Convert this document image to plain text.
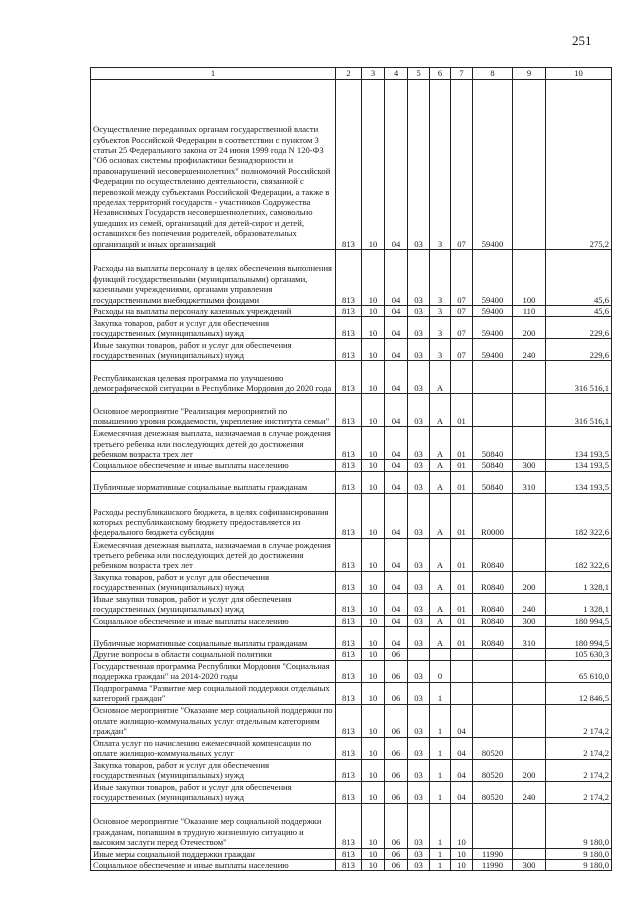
251
1	2	3	4	5	6	7	8	9	10
Осуществление переданных органам государственной власти субъектов Российской Федерации в соответствии с пунктом 3 статьи 25 Федерального закона от 24 июня 1999 года N 120-ФЗ "Об основах системы профилактики безнадзорности и правонарушений несовершеннолетних" полномочий Российской Федерации по осуществлению деятельности, связанной с перевозкой между субъектами Российской Федерации, а также в пределах территорий государств - участников Содружества Независимых Государств несовершеннолетних, самовольно ушедших из семей, организаций для детей-сирот и детей, оставшихся без попечения родителей, образовательных организаций и иных организаций	813	10	04	03	3	07	59400		275,2
Расходы на выплаты персоналу в целях обеспечения выполнения функций государственными (муниципальными) органами, казенными учреждениями, органами управления государственными внебюджетными фондами	813	10	04	03	3	07	59400	100	45,6
Расходы на выплаты персоналу казенных учреждений	813	10	04	03	3	07	59400	110	45,6
Закупка товаров, работ и услуг для обеспечения государственных (муниципальных) нужд	813	10	04	03	3	07	59400	200	229,6
Иные закупки товаров, работ и услуг для обеспечения государственных (муниципальных) нужд	813	10	04	03	3	07	59400	240	229,6
Республиканская целевая программа по улучшению демографической ситуации в Республике Мордовия до 2020 года	813	10	04	03	А				316 516,1
Основное мероприятие "Реализация мероприятий по повышению уровня рождаемости, укрепление института семьи"	813	10	04	03	А	01			316 516,1
Ежемесячная денежная выплата, назначаемая в случае рождения третьего ребенка или последующих детей до достижения ребенком возраста трех лет	813	10	04	03	А	01	50840		134 193,5
Социальное обеспечение и иные выплаты населению	813	10	04	03	А	01	50840	300	134 193,5
Публичные нормативные социальные выплаты гражданам	813	10	04	03	А	01	50840	310	134 193,5
Расходы республиканского бюджета, в целях софинансирования которых республиканскому бюджету предоставляется из федерального бюджета субсидии	813	10	04	03	А	01	R0000		182 322,6
Ежемесячная денежная выплата, назначаемая в случае рождения третьего ребенка или последующих детей до достижения ребенком возраста трех лет	813	10	04	03	А	01	R0840		182 322,6
Закупка товаров, работ и услуг для обеспечения государственных (муниципальных) нужд	813	10	04	03	А	01	R0840	200	1 328,1
Иные закупки товаров, работ и услуг для обеспечения государственных (муниципальных) нужд	813	10	04	03	А	01	R0840	240	1 328,1
Социальное обеспечение и иные выплаты населению	813	10	04	03	А	01	R0840	300	180 994,5
Публичные нормативные социальные выплаты гражданам	813	10	04	03	А	01	R0840	310	180 994,5
Другие вопросы в области социальной политики	813	10	06						105 630,3
Государственная программа Республики Мордовия "Социальная поддержка граждан" на 2014-2020 годы	813	10	06	03	0				65 610,0
Подпрограмма "Развитие мер социальной поддержки отдельных категорий граждан"	813	10	06	03	1				12 846,5
Основное мероприятие "Оказание мер социальной поддержки по оплате жилищно-коммунальных услуг отдельным категориям граждан"	813	10	06	03	1	04			2 174,2
Оплата услуг по начислению ежемесячной компенсации по оплате жилищно-коммунальных услуг	813	10	06	03	1	04	80520		2 174,2
Закупка товаров, работ и услуг для обеспечения государственных (муниципальных) нужд	813	10	06	03	1	04	80520	200	2 174,2
Иные закупки товаров, работ и услуг для обеспечения государственных (муниципальных) нужд	813	10	06	03	1	04	80520	240	2 174,2
Основное мероприятие "Оказание мер социальной поддержки гражданам, попавшим в трудную жизненную ситуацию и высоким заслуги перед Отечеством"	813	10	06	03	1	10			9 180,0
Иные меры социальной поддержки граждан	813	10	06	03	1	10	11990		9 180,0
Социальное обеспечение и иные выплаты населению	813	10	06	03	1	10	11990	300	9 180,0
